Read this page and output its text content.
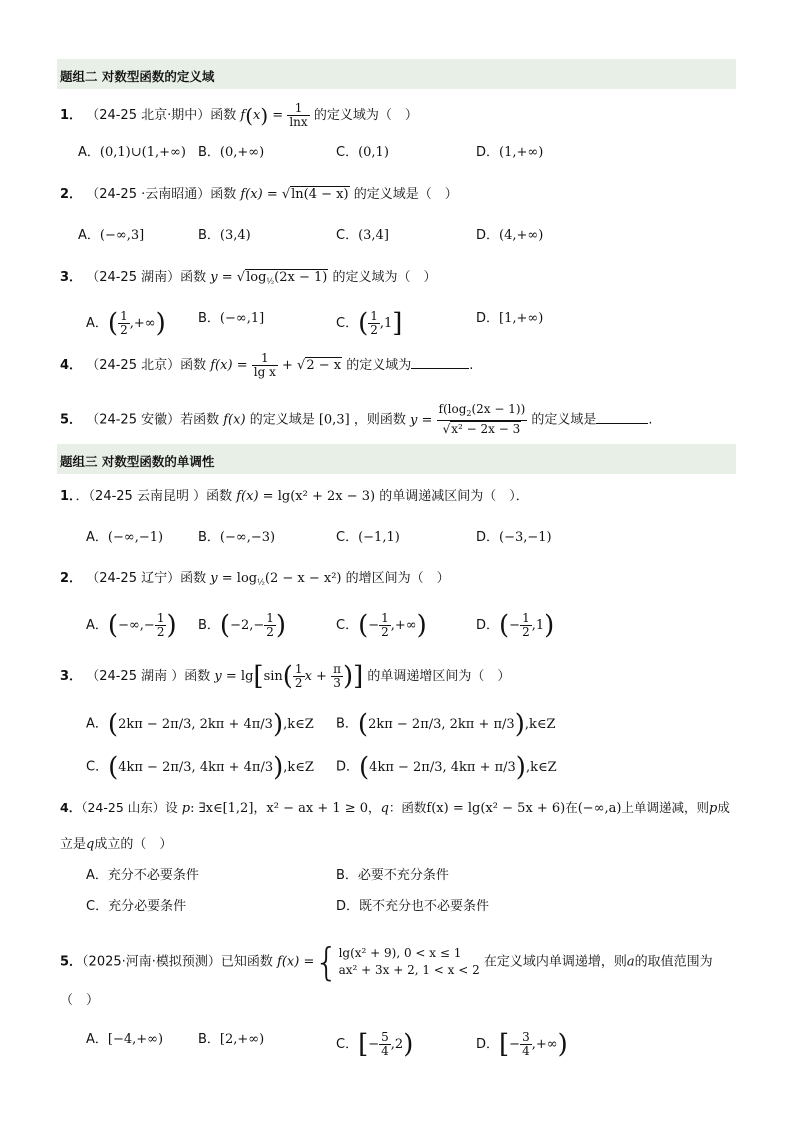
题组二 对数型函数的定义域
1． （24-25 北京·期中）函数 $f(x) = \frac{1}{\ln x}$ 的定义域为（　）
A．(0,1)∪(1,+∞) B．(0,+∞)	C．(0,1)	D．(1,+∞)
2． （24-25 ·云南昭通）函数 f(x) = √ln(4 − x) 的定义域是（　）
A．(−∞,3]	B．(3,4)	C．(3,4]	D．(4,+∞)
3． （24-25 湖南）函数 $y = √\log_{\frac{1}{2}}(2x - 1)$ 的定义域为（　）
A．( $\frac{1}{2}$ ,+∞) B．(−∞,1]	C．( $\frac{1}{2} ,1$]	D．[1,+∞)
4． （24-25 北京）函数 $f(x) = \frac{1}{\text{lg x}} + √2 - x$ 的定义域为	.
5． （24-25 安徽）若函数 f(x) 的定义域是 [0,3] ，则函数 $y = \frac{f(\log_2(2x - 1))}{\text{√x² − 2x − 3}}$ 的定义域是	.
题组三 对数型函数的单调性
1．．（24-25 云南昆明 ）函数 f(x) = lg(x² + 2x − 3) 的单调递减区间为（　）．
A．(−∞,−1)	B．(−∞,−3)	C．(−1,1)	D．(−3,−1)
2． （24-25 辽宁）函数 $y = \log_{\frac{1}{2}}(2 - x - x^2)$ 的增区间为（　）
A．(−∞,− $\frac{1}{2}$ ) B．($-2,- \frac{1}{2}$ )	C．(− $\frac{1}{2}$ ,+∞)	D．(− $\frac{1}{2} ,1$)
3． （24-25 湖南 ）函数 $y = \lg[\sin( \frac{1}{2}$ $x + \frac{\pi}{3}$ )] 的单调递增区间为（　）
A．(2kπ − 2π/3, 2kπ + 4π/3),k∈Z B．(2kπ − 2π/3, 2kπ + π/3),k∈Z
C．(4kπ − 2π/3, 4kπ + 4π/3),k∈Z D．(4kπ − 2π/3, 4kπ + π/3),k∈Z
4．（24-25 山东）设 p: ∃x∈[1,2]，x² − ax + 1 ≥ 0，q：函数f(x) = lg(x² − 5x + 6)在(−∞,a)上单调递减，则p成
立是q成立的（　）
A．充分不必要条件	B．必要不充分条件
C．充分必要条件	D．既不充分也不必要条件
5．（2025·河南·模拟预测）已知函数 f(x) ={ lg(x² + 9), 0 < x ≤ 1
ax² + 3x + 2, 1 < x < 2
在定义域内单调递增，则a的取值范围为
（　）
A．[−4,+∞)	B．[2,+∞)	C．[− $\frac{5}{4} ,2$)	D．[− $\frac{3}{4}$ ,+∞)
